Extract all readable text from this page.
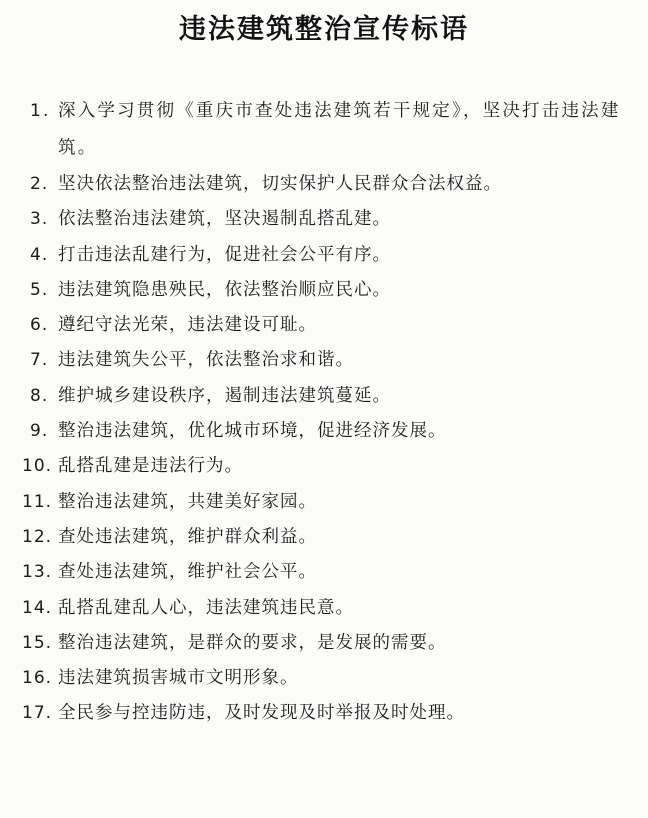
违法建筑整治宣传标语
1. 深入学习贯彻《重庆市查处违法建筑若干规定》，坚决打击违法建筑。
2. 坚决依法整治违法建筑，切实保护人民群众合法权益。
3. 依法整治违法建筑，坚决遏制乱搭乱建。
4. 打击违法乱建行为，促进社会公平有序。
5. 违法建筑隐患殃民，依法整治顺应民心。
6. 遵纪守法光荣，违法建设可耻。
7. 违法建筑失公平，依法整治求和谐。
8. 维护城乡建设秩序，遏制违法建筑蔓延。
9. 整治违法建筑，优化城市环境，促进经济发展。
10. 乱搭乱建是违法行为。
11. 整治违法建筑，共建美好家园。
12. 查处违法建筑，维护群众利益。
13. 查处违法建筑，维护社会公平。
14. 乱搭乱建乱人心，违法建筑违民意。
15. 整治违法建筑，是群众的要求，是发展的需要。
16. 违法建筑损害城市文明形象。
17. 全民参与控违防违，及时发现及时举报及时处理。
